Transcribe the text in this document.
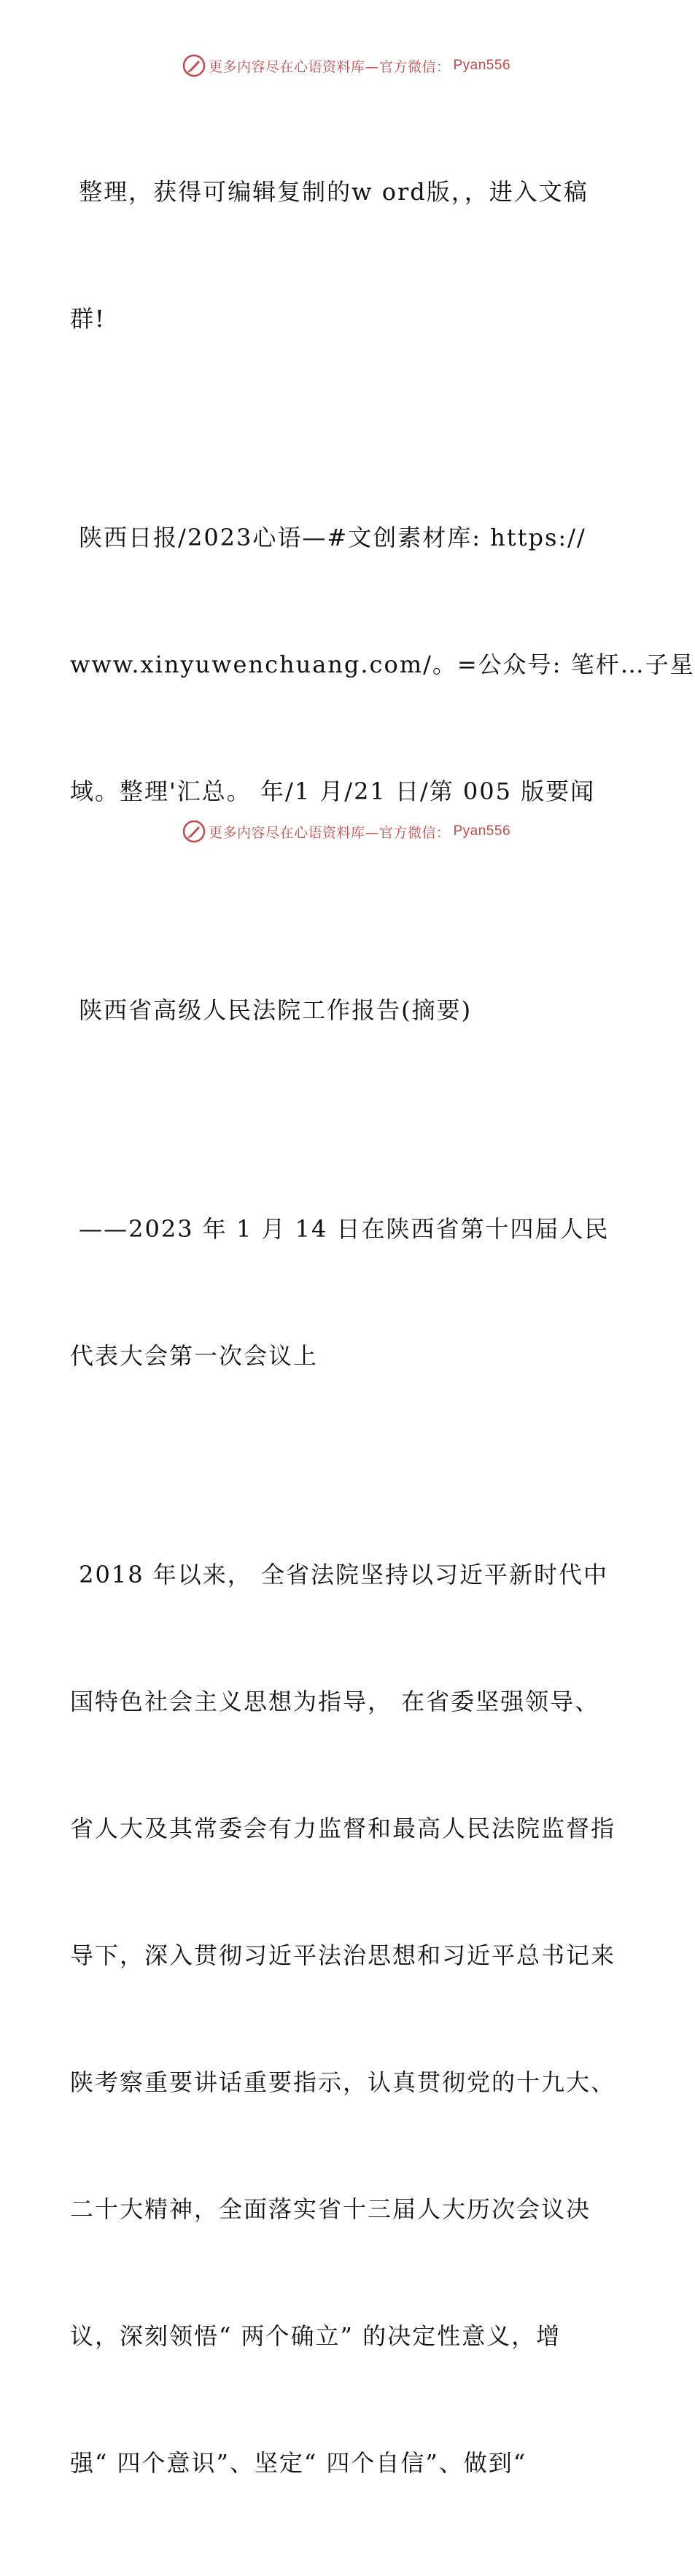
更多内容尽在心语资料库—官方微信： Pyan556

整理，获得可编辑复制的w ord版，，进入文稿

群!

陕西日报/2023心语—#文创素材库: https://

www.xinyuwenchuang.com/。=公众号: 笔杆…子星

域。整理'汇总。 年/1 月/21 日/第 005 版要闻

陕西省高级人民法院工作报告(摘要)

——2023 年 1 月 14 日在陕西省第十四届人民

代表大会第一次会议上

2018 年以来， 全省法院坚持以习近平新时代中

国特色社会主义思想为指导， 在省委坚强领导、

省人大及其常委会有力监督和最高人民法院监督指

导下，深入贯彻习近平法治思想和习近平总书记来

陕考察重要讲话重要指示，认真贯彻党的十九大、

二十大精神，全面落实省十三届人大历次会议决

议，深刻领悟“ 两个确立” 的决定性意义，增

强“ 四个意识”、坚定“ 四个自信”、做到“

更多内容尽在心语资料库—官方微信： Pyan556
